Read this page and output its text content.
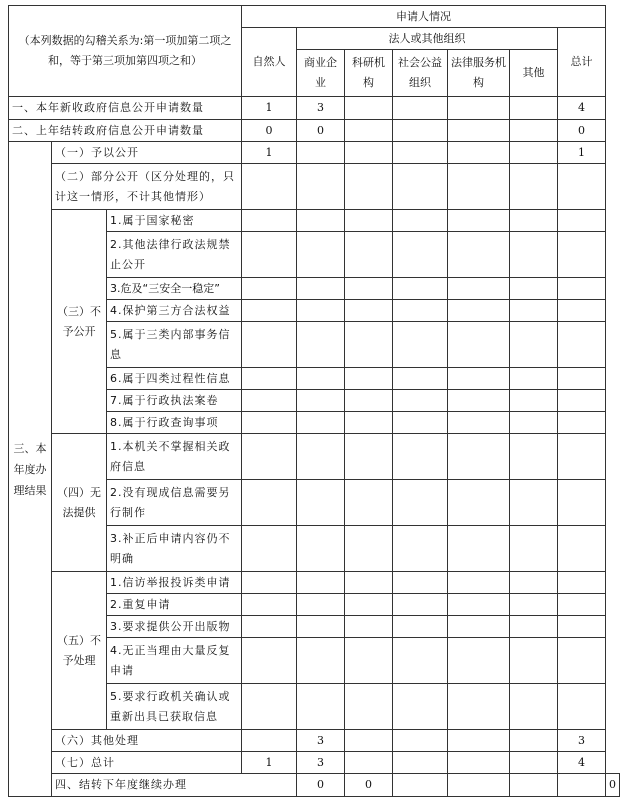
（本列数据的勾稽关系为:第一项加第二项之和，等于第三项加第四项之和）			申请人情况							
			自然人	法人或其他组织					总计	
				商业企业	科研机构	社会公益组织	法律服务机构	其他		
一、本年新收政府信息公开申请数量			1	3					4	
二、上年结转政府信息公开申请数量			0	0					0	
三、本年度办理结果	（一）予以公开		1						1	
	（二）部分公开（区分处理的，只计这一情形，不计其他情形）									
	（三）不予公开	1.属于国家秘密								
		2.其他法律行政法规禁止公开								
		3.危及“三安全一稳定”								
		4.保护第三方合法权益								
		5.属于三类内部事务信息								
		6.属于四类过程性信息								
		7.属于行政执法案卷								
		8.属于行政查询事项								
	（四）无法提供	1.本机关不掌握相关政府信息								
		2.没有现成信息需要另行制作								
		3.补正后申请内容仍不明确								
	（五）不予处理	1.信访举报投诉类申请								
		2.重复申请								
		3.要求提供公开出版物								
		4.无正当理由大量反复申请								
		5.要求行政机关确认或重新出具已获取信息								
	（六）其他处理			3					3	
	（七）总计		1	3					4	
	四、结转下年度继续办理			0	0					0
